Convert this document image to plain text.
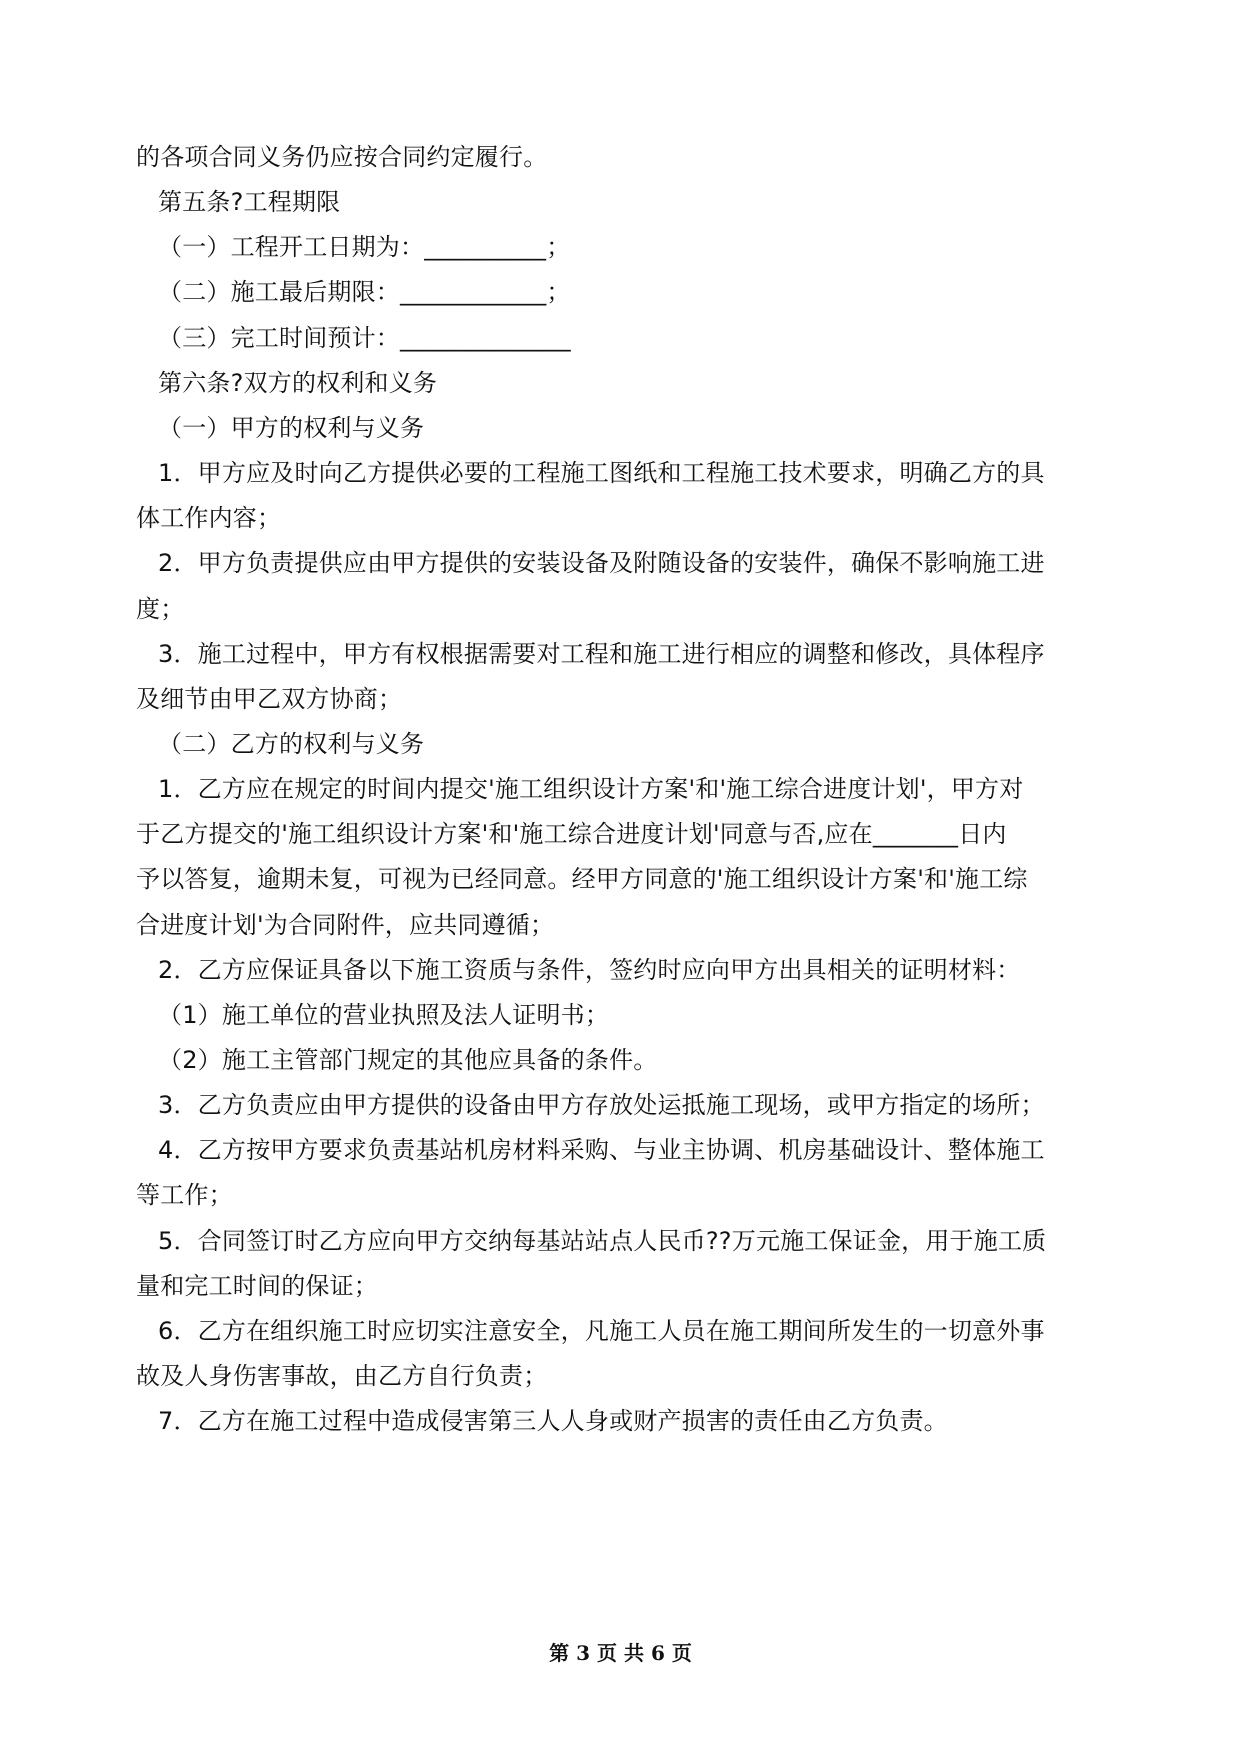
的各项合同义务仍应按合同约定履行。
第五条?工程期限
（一）工程开工日期为：__________；
（二）施工最后期限：____________；
（三）完工时间预计：______________
第六条?双方的权利和义务
（一）甲方的权利与义务
1．甲方应及时向乙方提供必要的工程施工图纸和工程施工技术要求，明确乙方的具
体工作内容；
2．甲方负责提供应由甲方提供的安装设备及附随设备的安装件，确保不影响施工进
度；
3．施工过程中，甲方有权根据需要对工程和施工进行相应的调整和修改，具体程序
及细节由甲乙双方协商；
（二）乙方的权利与义务
1．乙方应在规定的时间内提交'施工组织设计方案'和'施工综合进度计划'，甲方对
于乙方提交的'施工组织设计方案'和'施工综合进度计划'同意与否,应在_______日内
予以答复，逾期未复，可视为已经同意。经甲方同意的'施工组织设计方案'和'施工综
合进度计划'为合同附件，应共同遵循；
2．乙方应保证具备以下施工资质与条件，签约时应向甲方出具相关的证明材料：
（1）施工单位的营业执照及法人证明书；
（2）施工主管部门规定的其他应具备的条件。
3．乙方负责应由甲方提供的设备由甲方存放处运抵施工现场，或甲方指定的场所；
4．乙方按甲方要求负责基站机房材料采购、与业主协调、机房基础设计、整体施工
等工作；
5．合同签订时乙方应向甲方交纳每基站站点人民币??万元施工保证金，用于施工质
量和完工时间的保证；
6．乙方在组织施工时应切实注意安全，凡施工人员在施工期间所发生的一切意外事
故及人身伤害事故，由乙方自行负责；
7．乙方在施工过程中造成侵害第三人人身或财产损害的责任由乙方负责。
第 3 页 共 6 页
